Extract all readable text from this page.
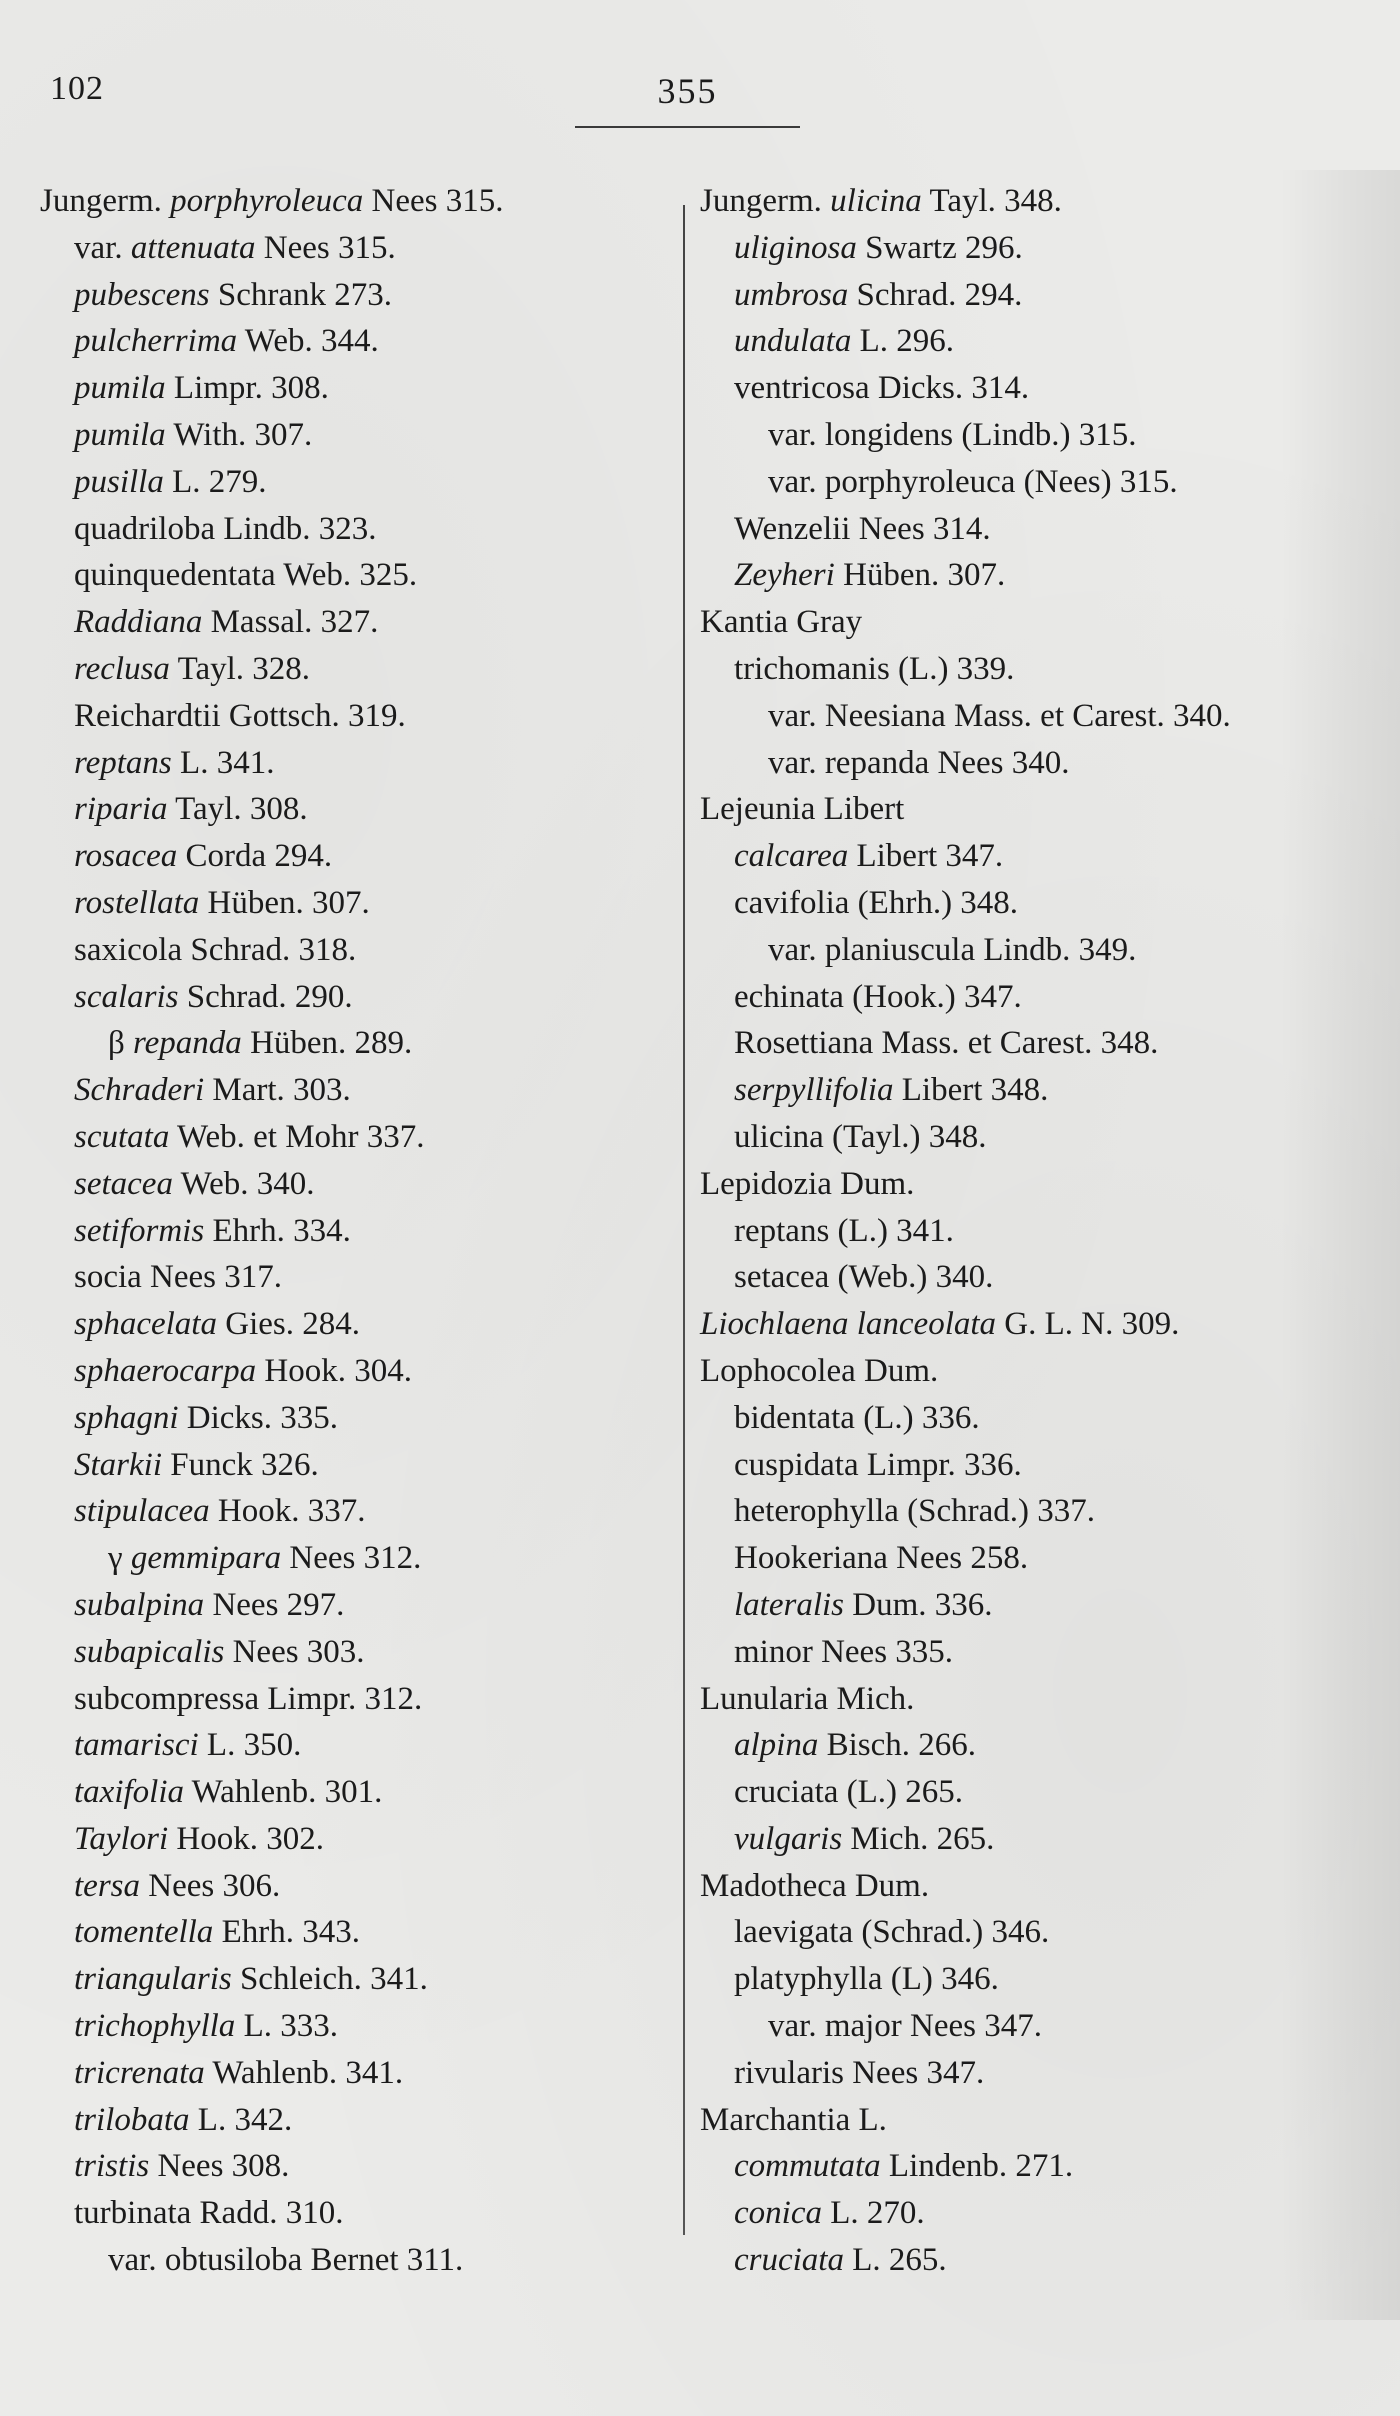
102	355
Jungerm. porphyroleuca Nees 315.
var. attenuata Nees 315.
pubescens Schrank 273.
pulcherrima Web. 344.
pumila Limpr. 308.
pumila With. 307.
pusilla L. 279.
quadriloba Lindb. 323.
quinquedentata Web. 325.
Raddiana Massal. 327.
reclusa Tayl. 328.
Reichardtii Gottsch. 319.
reptans L. 341.
riparia Tayl. 308.
rosacea Corda 294.
rostellata Hüben. 307.
saxicola Schrad. 318.
scalaris Schrad. 290.
β repanda Hüben. 289.
Schraderi Mart. 303.
scutata Web. et Mohr 337.
setacea Web. 340.
setiformis Ehrh. 334.
socia Nees 317.
sphacelata Gies. 284.
sphaerocarpa Hook. 304.
sphagni Dicks. 335.
Starkii Funck 326.
stipulacea Hook. 337.
γ gemmipara Nees 312.
subalpina Nees 297.
subapicalis Nees 303.
subcompressa Limpr. 312.
tamarisci L. 350.
taxifolia Wahlenb. 301.
Taylori Hook. 302.
tersa Nees 306.
tomentella Ehrh. 343.
triangularis Schleich. 341.
trichophylla L. 333.
tricrenata Wahlenb. 341.
trilobata L. 342.
tristis Nees 308.
turbinata Radd. 310.
var. obtusiloba Bernet 311.
Jungerm. ulicina Tayl. 348.
uliginosa Swartz 296.
umbrosa Schrad. 294.
undulata L. 296.
ventricosa Dicks. 314.
var. longidens (Lindb.) 315.
var. porphyroleuca (Nees) 315.
Wenzelii Nees 314.
Zeyheri Hüben. 307.
Kantia Gray
trichomanis (L.) 339.
var. Neesiana Mass. et Carest. 340.
var. repanda Nees 340.
Lejeunia Libert
calcarea Libert 347.
cavifolia (Ehrh.) 348.
var. planiuscula Lindb. 349.
echinata (Hook.) 347.
Rosettiana Mass. et Carest. 348.
serpyllifolia Libert 348.
ulicina (Tayl.) 348.
Lepidozia Dum.
reptans (L.) 341.
setacea (Web.) 340.
Liochlaena lanceolata G. L. N. 309.
Lophocolea Dum.
bidentata (L.) 336.
cuspidata Limpr. 336.
heterophylla (Schrad.) 337.
Hookeriana Nees 258.
lateralis Dum. 336.
minor Nees 335.
Lunularia Mich.
alpina Bisch. 266.
cruciata (L.) 265.
vulgaris Mich. 265.
Madotheca Dum.
laevigata (Schrad.) 346.
platyphylla (L) 346.
var. major Nees 347.
rivularis Nees 347.
Marchantia L.
commutata Lindenb. 271.
conica L. 270.
cruciata L. 265.
